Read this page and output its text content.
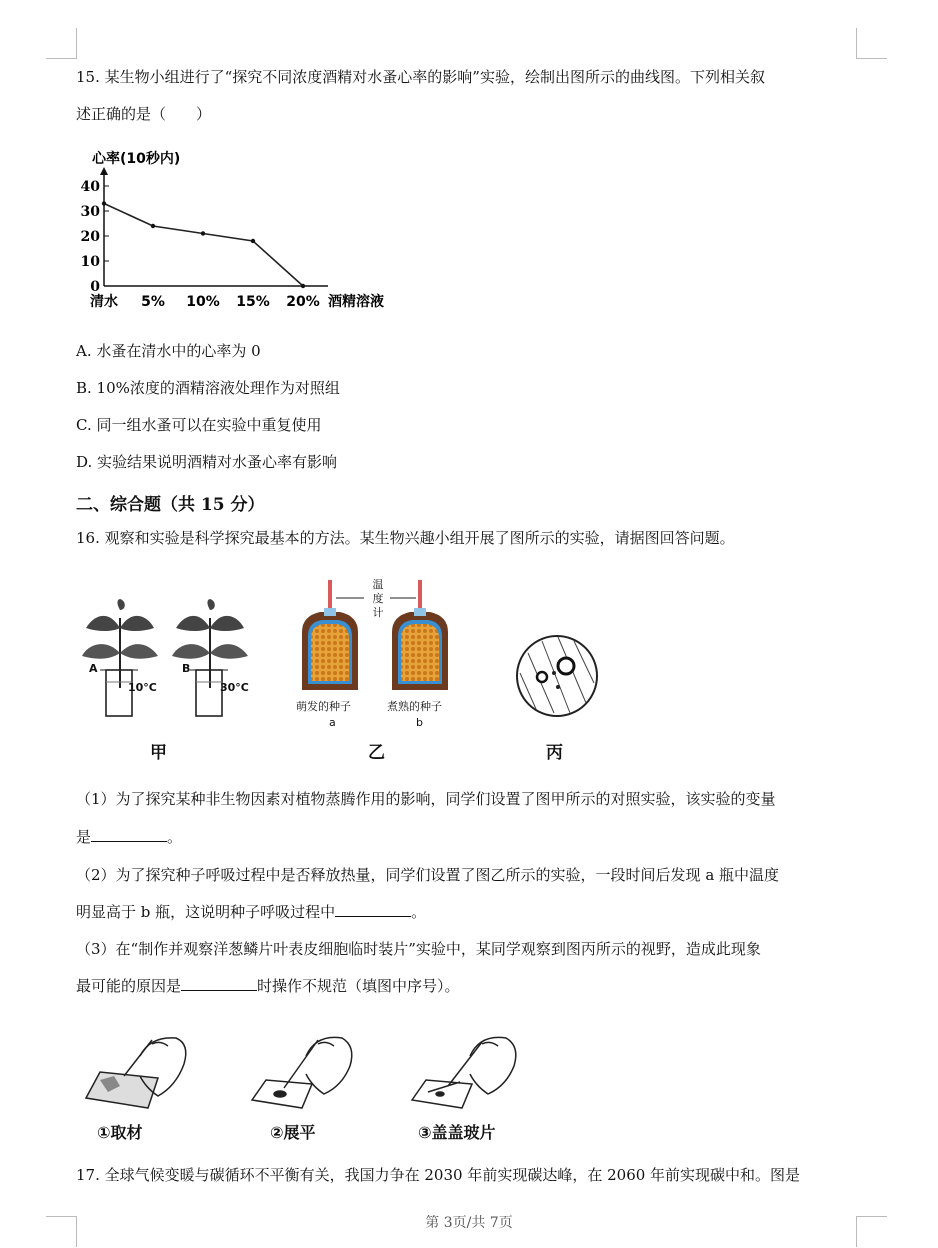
15. 某生物小组进行了“探究不同浓度酒精对水蚤心率的影响”实验，绘制出图所示的曲线图。下列相关叙
述正确的是（　　）
心率(10秒内)
40
30
20
10
0
清水 5% 10% 15% 20% 酒精溶液
A. 水蚤在清水中的心率为 0
B. 10%浓度的酒精溶液处理作为对照组
C. 同一组水蚤可以在实验中重复使用
D. 实验结果说明酒精对水蚤心率有影响
二、综合题（共 15 分）
16. 观察和实验是科学探究最基本的方法。某生物兴趣小组开展了图所示的实验，请据图回答问题。
A	B
10°C	30°C
甲
温
度
计
萌发的种子	煮熟的种子
a	b
乙	丙
（1）为了探究某种非生物因素对植物蒸腾作用的影响，同学们设置了图甲所示的对照实验，该实验的变量
是	。
（2）为了探究种子呼吸过程中是否释放热量，同学们设置了图乙所示的实验，一段时间后发现 a 瓶中温度
明显高于 b 瓶，这说明种子呼吸过程中	。
（3）在“制作并观察洋葱鳞片叶表皮细胞临时装片”实验中，某同学观察到图丙所示的视野，造成此现象
最可能的原因是	时操作不规范（填图中序号）。
①取材	②展平	③盖盖玻片
17. 全球气候变暖与碳循环不平衡有关，我国力争在 2030 年前实现碳达峰，在 2060 年前实现碳中和。图是
第 3页/共 7页
